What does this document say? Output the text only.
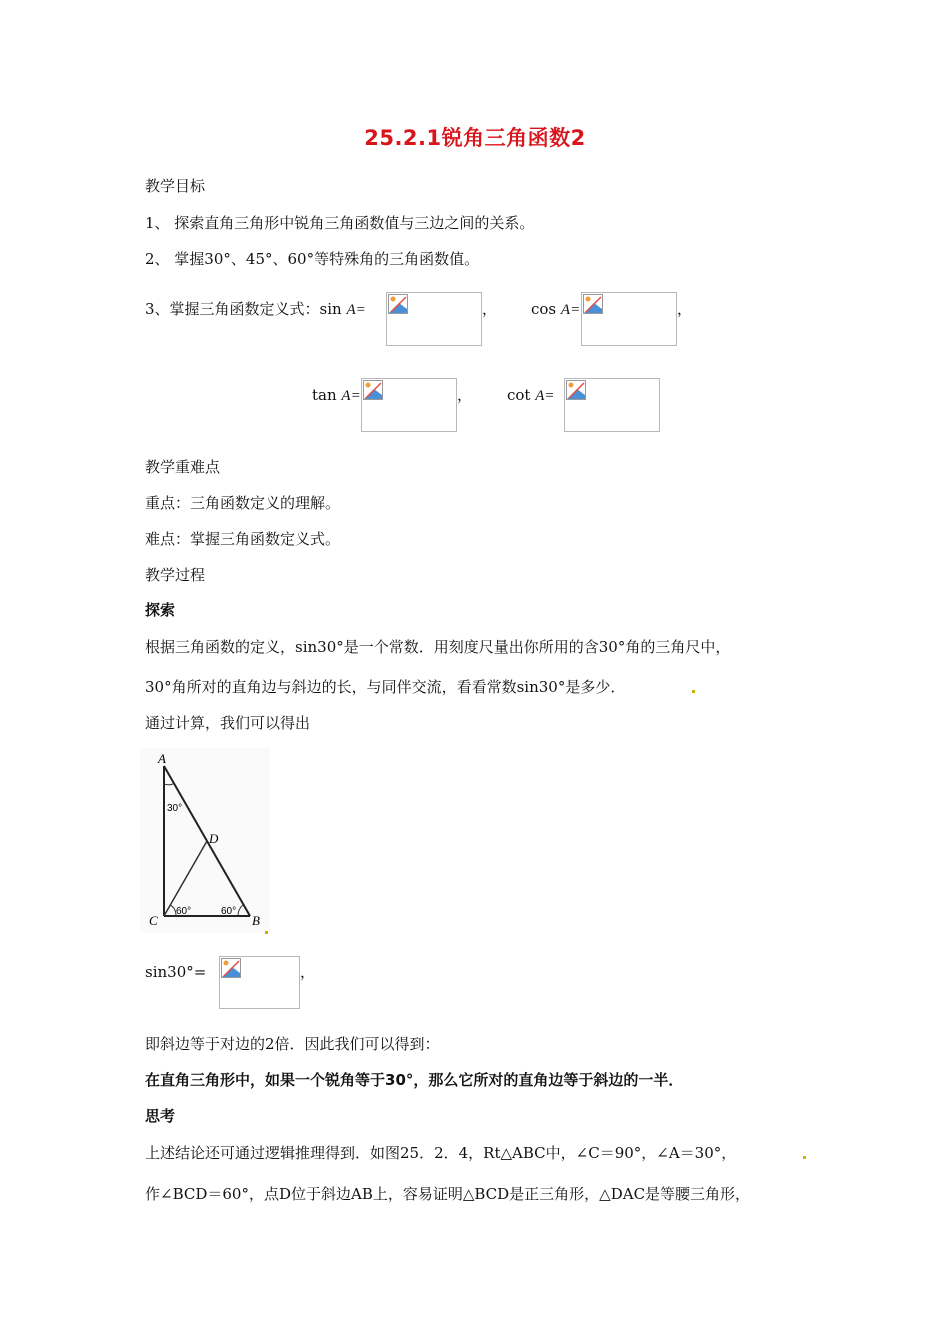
25.2.1锐角三角函数2
教学目标
1、 探索直角三角形中锐角三角函数值与三边之间的关系。
2、 掌握30°、45°、60°等特殊角的三角函数值。
3、掌握三角函数定义式：sin A=	， cos A=	，
tan A=	， cot A=
教学重难点
重点：三角函数定义的理解。
难点：掌握三角函数定义式。
教学过程
探索
根据三角函数的定义，sin30°是一个常数．用刻度尺量出你所用的含30°角的三角尺中，
30°角所对的直角边与斜边的长，与同伴交流，看看常数sin30°是多少．
通过计算，我们可以得出
A
B
C
D
30°
60°	60°
sin30°=	，
即斜边等于对边的2倍．因此我们可以得到：
在直角三角形中，如果一个锐角等于30°，那么它所对的直角边等于斜边的一半．
思考
上述结论还可通过逻辑推理得到．如图25．2．4，Rt△ABC中，∠C＝90°，∠A＝30°，
作∠BCD＝60°，点D位于斜边AB上，容易证明△BCD是正三角形，△DAC是等腰三角形，
